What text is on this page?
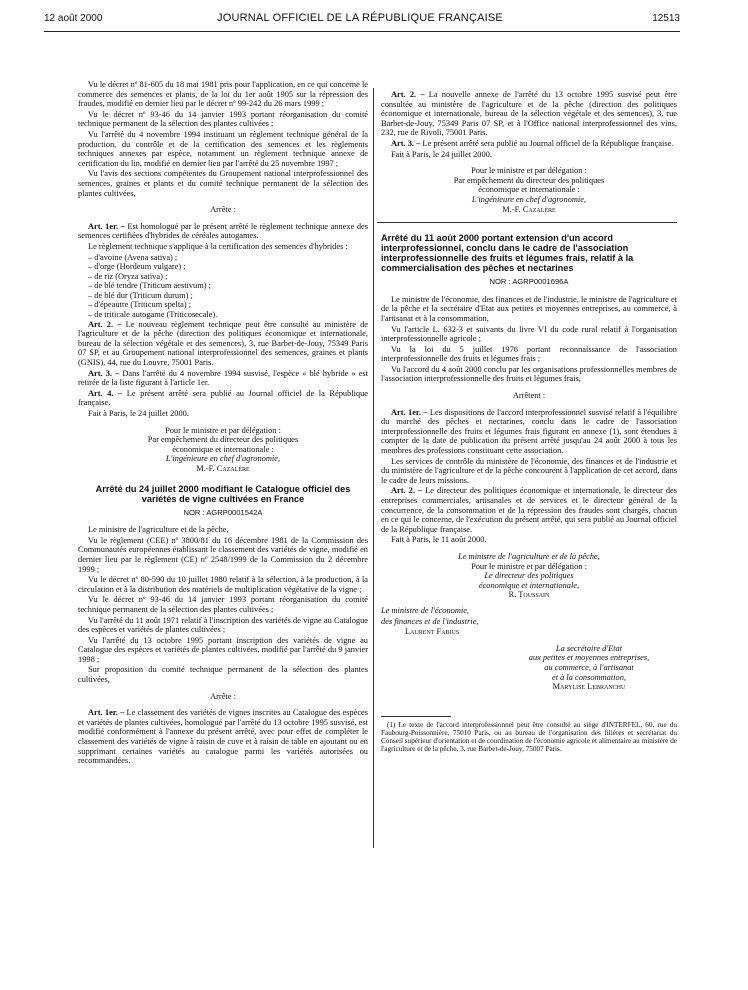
12 août 2000	JOURNAL OFFICIEL DE LA RÉPUBLIQUE FRANÇAISE	12513

Vu le décret nº 81-605 du 18 mai 1981 pris pour l'application, en ce qui concerne le commerce des semences et plants, de la loi du 1er août 1905 sur la répression des fraudes, modifié en dernier lieu par le décret nº 99-242 du 26 mars 1999 ;

Vu le décret nº 93-46 du 14 janvier 1993 portant réorganisation du comité technique permanent de la sélection des plantes cultivées ;

Vu l'arrêté du 4 novembre 1994 instituant un règlement technique général de la production, du contrôle et de la certification des semences et les règlements techniques annexes par espèce, notamment un règlement technique annexe de certification du lin, modifié en dernier lieu par l'arrêté du 25 novembre 1997 ;

Vu l'avis des sections compétentes du Groupement national interprofessionnel des semences, graines et plants et du comité technique permanent de la sélection des plantes cultivées,

Arrête :

Art. 1er. – Est homologué par le présent arrêté le règlement technique annexe des semences certifiées d'hybrides de céréales autogames.

Le règlement technique s'applique à la certification des semences d'hybrides :

– d'avoine (Avena sativa) ;
– d'orge (Hordeum vulgare) ;
– de riz (Oryza sativa) ;
– de blé tendre (Triticum aestivum) ;
– de blé dur (Triticum durum) ;
– d'épeautre (Triticum spelta) ;
– de triticale autogame (Triticosecale).

Art. 2. – Le nouveau règlement technique peut être consulté au ministère de l'agriculture et de la pêche (direction des politiques économique et internationale, bureau de la sélection végétale et des semences), 3, rue Barbet-de-Jouy, 75349 Paris 07 SP, et au Groupement national interprofessionnel des semences, graines et plants (GNIS), 44, rue du Louvre, 75001 Paris.

Art. 3. – Dans l'arrêté du 4 novembre 1994 susvisé, l'espèce « blé hybride » est retirée de la liste figurant à l'article 1er.

Art. 4. – Le présent arrêté sera publié au Journal officiel de la République française.

Fait à Paris, le 24 juillet 2000.

Pour le ministre et par délégation :

Par empêchement du directeur des politiques

économique et internationale :

L'ingénieure en chef d'agronomie,

M.-F. Cazalère

Arrêté du 24 juillet 2000 modifiant le Catalogue officiel des variétés de vigne cultivées en France
NOR : AGRP0001542A

Le ministre de l'agriculture et de la pêche,

Vu le règlement (CEE) nº 3800/81 du 16 décembre 1981 de la Commission des Communautés européennes établissant le classement des variétés de vigne, modifié en dernier lieu par le règlement (CE) nº 2548/1999 de la Commission du 2 décembre 1999 ;

Vu le décret nº 80-590 du 10 juillet 1980 relatif à la sélection, à la production, à la circulation et à la distribution des matériels de multiplication végétative de la vigne ;

Vu le décret nº 93-46 du 14 janvier 1993 portant réorganisation du comité technique permanent de la sélection des plantes cultivées ;

Vu l'arrêté du 11 août 1971 relatif à l'inscription des variétés de vigne au Catalogue des espèces et variétés de plantes cultivées ;

Vu l'arrêté du 13 octobre 1995 portant inscription des variétés de vigne au Catalogue des espèces et variétés de plantes cultivées, modifié par l'arrêté du 9 janvier 1998 ;

Sur proposition du comité technique permanent de la sélection des plantes cultivées,

Arrête :

Art. 1er. – Le classement des variétés de vignes inscrites au Catalogue des espèces et variétés de plantes cultivées, homologué par l'arrêté du 13 octobre 1995 susvisé, est modifié conformément à l'annexe du présent arrêté, avec pour effet de compléter le classement des variétés de vigne à raisin de cuve et à raisin de table en ajoutant ou en supprimant certaines variétés au catalogue parmi les variétés autorisées ou recommandées.

Art. 2. – La nouvelle annexe de l'arrêté du 13 octobre 1995 susvisé peut être consultée au ministère de l'agriculture et de la pêche (direction des politiques économique et internationale, bureau de la sélection végétale et des semences), 3, rue Barbet-de-Jouy, 75349 Paris 07 SP, et à l'Office national interprofessionnel des vins, 232, rue de Rivoli, 75001 Paris.

Art. 3. – Le présent arrêté sera publié au Journal officiel de la République française.

Fait à Paris, le 24 juillet 2000.

Pour le ministre et par délégation :

Par empêchement du directeur des politiques

économique et internationale :

L'ingénieure en chef d'agronomie,

M.-F. Cazalère

Arrêté du 11 août 2000 portant extension d'un accord interprofessionnel, conclu dans le cadre de l'association interprofessionnelle des fruits et légumes frais, relatif à la commercialisation des pêches et nectarines
NOR : AGRP0001696A

Le ministre de l'économie, des finances et de l'industrie, le ministre de l'agriculture et de la pêche et la secrétaire d'Etat aux petites et moyennes entreprises, au commerce, à l'artisanat et à la consommation,

Vu l'article L. 632-3 et suivants du livre VI du code rural relatif à l'organisation interprofessionnelle agricole ;

Vu la loi du 5 juillet 1976 portant reconnaissance de l'association interprofessionnelle des fruits et légumes frais ;

Vu l'accord du 4 août 2000 conclu par les organisations professionnelles membres de l'association interprofessionnelle des fruits et légumes frais,

Arrêtent :

Art. 1er. – Les dispositions de l'accord interprofessionnel susvisé relatif à l'équilibre du marché des pêches et nectarines, conclu dans le cadre de l'association interprofessionnelle des fruits et légumes frais figurant en annexe (1), sont étendues à compter de la date de publication du présent arrêté jusqu'au 24 août 2000 à tous les membres des professions constituant cette association.

Les services de contrôle du ministère de l'économie, des finances et de l'industrie et du ministère de l'agriculture et de la pêche concourent à l'application de cet accord, dans le cadre de leurs missions.

Art. 2. – Le directeur des politiques économique et internationale, le directeur des entreprises commerciales, artisanales et de services et le directeur général de la concurrence, de la consommation et de la répression des fraudes sont chargés, chacun en ce qui le concerne, de l'exécution du présent arrêté, qui sera publié au Journal officiel de la République française.

Fait à Paris, le 11 août 2000.

Le ministre de l'agriculture et de la pêche,

Pour le ministre et par délégation :

Le directeur des politiques

économique et internationale,

R. Toussain

Le ministre de l'économie,

des finances et de l'industrie,

Laurent Fabius

La secrétaire d'Etat

aux petites et moyennes entreprises,

au commerce, à l'artisanat

et à la consommation,

Marylise Lebranchu

(1) Le texte de l'accord interprofessionnel peut être consulté au siège d'INTERFEL, 60, rue du Faubourg-Poissonnière, 75010 Paris, ou au bureau de l'organisation des filières et secrétariat du Conseil supérieur d'orientation et de coordination de l'économie agricole et alimentaire au ministère de l'agriculture et de la pêche, 3, rue Barbet-de-Jouy, 75007 Paris.
